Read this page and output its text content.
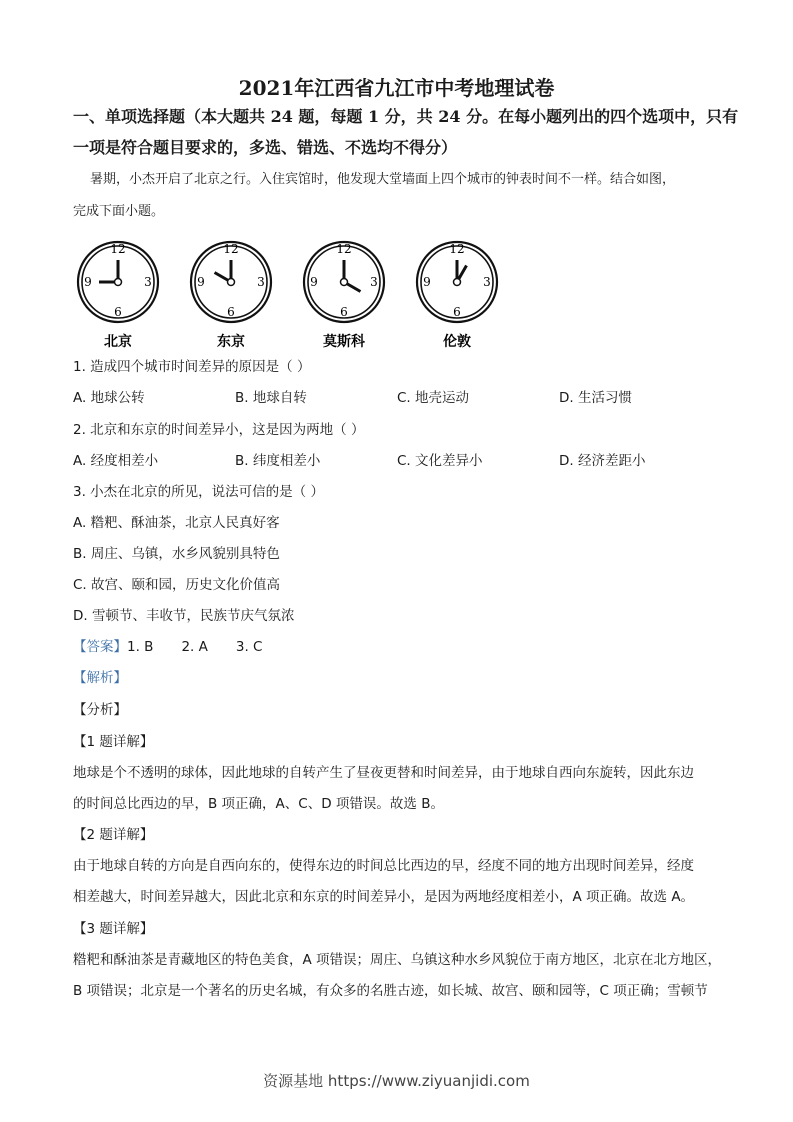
2021年江西省九江市中考地理试卷
一、单项选择题（本大题共 24 题，每题 1 分，共 24 分。在每小题列出的四个选项中，只有
一项是符合题目要求的，多选、错选、不选均不得分）
暑期，小杰开启了北京之行。入住宾馆时，他发现大堂墙面上四个城市的钟表时间不一样。结合如图，
完成下面小题。
12
3
6
9
北京
12
3
6
9
东京
12
3
6
9
莫斯科
12
3
6
9
伦敦
1. 造成四个城市时间差异的原因是（ ）
A. 地球公转	B. 地球自转	C. 地壳运动	D. 生活习惯
2. 北京和东京的时间差异小，这是因为两地（ ）
A. 经度相差小	B. 纬度相差小	C. 文化差异小	D. 经济差距小
3. 小杰在北京的所见，说法可信的是（ ）
A. 糌粑、酥油茶，北京人民真好客
B. 周庄、乌镇，水乡风貌别具特色
C. 故宫、颐和园，历史文化价值高
D. 雪顿节、丰收节，民族节庆气氛浓
【答案】1. B 2. A 3. C
【解析】
【分析】
【1 题详解】
地球是个不透明的球体，因此地球的自转产生了昼夜更替和时间差异，由于地球自西向东旋转，因此东边
的时间总比西边的早，B 项正确，A、C、D 项错误。故选 B。
【2 题详解】
由于地球自转的方向是自西向东的，使得东边的时间总比西边的早，经度不同的地方出现时间差异，经度
相差越大，时间差异越大，因此北京和东京的时间差异小，是因为两地经度相差小，A 项正确。故选 A。
【3 题详解】
糌粑和酥油茶是青藏地区的特色美食，A 项错误；周庄、乌镇这种水乡风貌位于南方地区，北京在北方地区，
B 项错误；北京是一个著名的历史名城，有众多的名胜古迹，如长城、故宫、颐和园等，C 项正确；雪顿节
资源基地 https://www.ziyuanjidi.com
